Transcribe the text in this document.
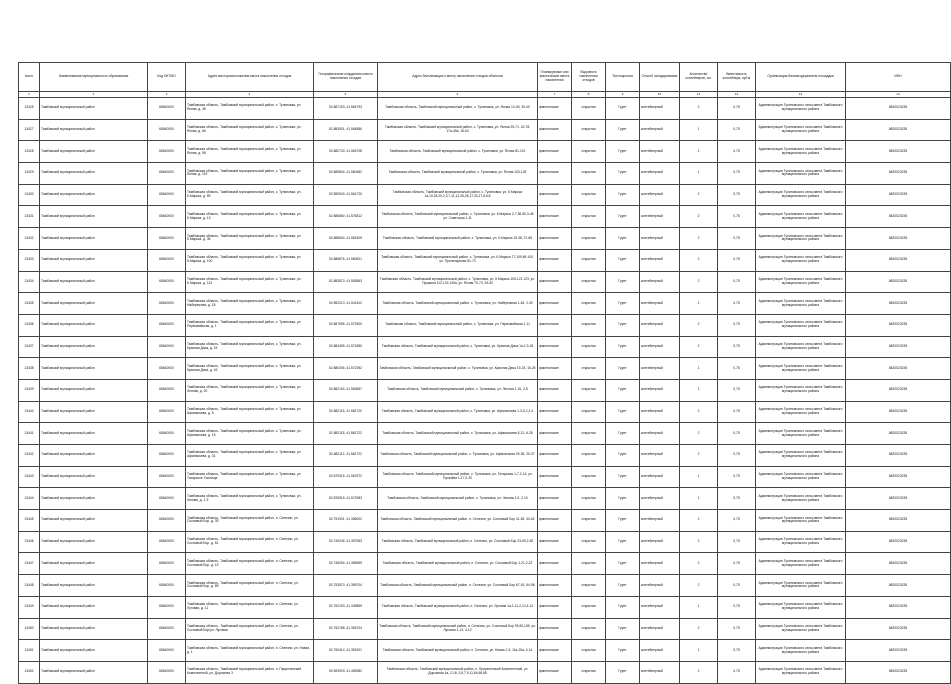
№п/п	Наименование муниципального образования	Код ОКТМО	Адрес месторасположения места накопления отходов	Географические координаты места накопления отходов	Адрес близлежащих к месту накопления отходов объектов	Планируемые или фактические места накопления	Вид места накопления отходов	Тип покрытия	Способ складирования	Количество контейнеров, шт.	Вместимость контейнера, куб.м	Организация-балансодержатель площадки	ИНН
1	2	3	4	5	6	7	8	9	10	11	12	13	14
13425	Тамбовский муниципальный район	68640000	Тамбовская область, Тамбовский муниципальный район, с. Тулиновка, ул. Ясная, д. 36	52.887103, 41.564793	Тамбовская область, Тамбовский муниципальный район, с. Тулиновка, ул. Ясная 13-49, 35-40	фактические	открытая	Грунт	контейнерный	2	0,75	Администрация Тулиновского сельсовета Тамбовского муниципального района	6820023235
13427	Тамбовский муниципальный район	68640000	Тамбовская область, Тамбовский муниципальный район, с. Тулиновка, ул. Ясная, д. 66	52.883901, 41.564886	Тамбовская область, Тамбовский муниципальный район, с. Тулиновка, ул. Ясная 39-71, 42-78, 17а-49а, 16-54	фактические	открытая	Грунт	контейнерный	1	0,75	Администрация Тулиновского сельсовета Тамбовского муниципального района	6820023235
13428	Тамбовский муниципальный район	68640000	Тамбовская область, Тамбовский муниципальный район, с. Тулиновка, ул. Ясная, д. 98	52.882743, 41.563708	Тамбовская область, Тамбовский муниципальный район, с. Тулиновка, ул. Ясная 81-101	фактические	открытая	Грунт	контейнерный	1	0,75	Администрация Тулиновского сельсовета Тамбовского муниципального района	6820023235
13429	Тамбовский муниципальный район	68640000	Тамбовская область, Тамбовский муниципальный район, с. Тулиновка, ул. Ясная, д. 119	52.885834, 41.560482	Тамбовская область, Тамбовский муниципальный район, с. Тулиновка, ул. Ясная 103-125	фактические	открытая	Грунт	контейнерный	1	0,75	Администрация Тулиновского сельсовета Тамбовского муниципального района	6820023235
13430	Тамбовский муниципальный район	68640000	Тамбовская область, Тамбовский муниципальный район, с. Тулиновка, ул. К.Маркса, д. 89	52.890940, 41.561720	Тамбовская область, Тамбовский муниципальный район, с. Тулиновка, ул. К.Маркса 1а,10,18,20,2,3,7-11,12,26,28,17,33,17,8,6,8	фактические	открытая	Грунт	контейнерный	2	0,75	Администрация Тулиновского сельсовета Тамбовского муниципального района	6820023235
13431	Тамбовский муниципальный район	68640000	Тамбовская область, Тамбовский муниципальный район, с. Тулиновка, ул. К.Маркса, д. 13	52.885680, 41.576812	Тамбовская область, Тамбовский муниципальный район, с. Тулиновка, ул. К.Маркса 2-7,36-50,3-45 ул. Советская 1-11	фактические	открытая	Грунт	контейнерный	2	0,75	Администрация Тулиновского сельсовета Тамбовского муниципального района	6820023235
13432	Тамбовский муниципальный район	68640000	Тамбовская область, Тамбовский муниципальный район, с. Тулиновка, ул. К.Маркса, д. 36	52.888604, 41.562409	Тамбовская область, Тамбовский муниципальный район, с. Тулиновка, ул. К.Маркса 19-38, 37-65	фактические	открытая	Грунт	контейнерный	2	0,75	Администрация Тулиновского сельсовета Тамбовского муниципального района	6820023235
13433	Тамбовский муниципальный район	68640000	Тамбовская область, Тамбовский муниципальный район, с. Тулиновка, ул. К.Маркса, д. 100	52.886876, 41.560821	Тамбовская область, Тамбовский муниципальный район, с. Тулиновка, ул. К.Маркса 77-109,69-100, ул. Пролетарская 51-73	фактические	открытая	Грунт	контейнерный	2	0,75	Администрация Тулиновского сельсовета Тамбовского муниципального района	6820023235
13434	Тамбовский муниципальный район	68640000	Тамбовская область, Тамбовский муниципальный район, с. Тулиновка, ул. К.Маркса, д. 113	52.883870, 41.563863	Тамбовская область, Тамбовский муниципальный район, с. Тулиновка, ул. К.Маркса 105-121,123, ул. Пушкина 112-132,130а, ул. Ясная 70-73, 94-60	фактические	открытая	Грунт	контейнерный	2	0,75	Администрация Тулиновского сельсовета Тамбовского муниципального района	6820023235
13435	Тамбовский муниципальный район	68640000	Тамбовская область, Тамбовский муниципальный район, с. Тулиновка, ул. Набережная, д. 18	52.892213, 41.541402	Тамбовская область, Тамбовский муниципальный район, с. Тулиновка, ул. Набережная 1-63, 2-30	фактические	открытая	Грунт	контейнерный	1	0,75	Администрация Тулиновского сельсовета Тамбовского муниципального района	6820023235
13436	Тамбовский муниципальный район	68640000	Тамбовская область, Тамбовский муниципальный район, с. Тулиновка, ул. Первомайская, д. 1	52.887696, 41.572500	Тамбовская область, Тамбовский муниципальный район, с. Тулиновка, ул. Первомайская 1-11	фактические	открытая	Грунт	контейнерный	2	0,75	Администрация Тулиновского сельсовета Тамбовского муниципального района	6820023235
13437	Тамбовский муниципальный район	68640000	Тамбовская область, Тамбовский муниципальный район, с. Тулиновка, ул. Красная Дача, д. 15	52.884305, 41.571880	Тамбовская область, Тамбовский муниципальный район, с. Тулиновка, ул. Красная Дача 1а,2-3-18	фактические	открытая	Грунт	контейнерный	2	0,75	Администрация Тулиновского сельсовета Тамбовского муниципального района	6820023235
13438	Тамбовский муниципальный район	68640000	Тамбовская область, Тамбовский муниципальный район, с. Тулиновка, ул. Красная Дача, д. 16	52.880306, 41.572392	Тамбовская область, Тамбовский муниципальный район, с. Тулиновка, ул. Красная Дача 19-23, 15-25	фактические	открытая	Грунт	контейнерный	1	0,75	Администрация Тулиновского сельсовета Тамбовского муниципального района	6820023235
13439	Тамбовский муниципальный район	68640000	Тамбовская область, Тамбовский муниципальный район, с. Тулиновка, ул. Лесная, д. 20	52.882104, 41.563687	Тамбовская область, Тамбовский муниципальный район, с. Тулиновка, ул. Лесная 1-15, 2-8	фактические	открытая	Грунт	контейнерный	1	0,75	Администрация Тулиновского сельсовета Тамбовского муниципального района	6820023235
13440	Тамбовский муниципальный район	68640000	Тамбовская область, Тамбовский муниципальный район, с. Тулиновка, ул. Афанасьева, д. 5	52.882115, 41.562720	Тамбовская область, Тамбовский муниципальный район, с. Тулиновка, ул. Афанасьева 1-3-5,2,2-4	фактические	открытая	Грунт	контейнерный	2	0,75	Администрация Тулиновского сельсовета Тамбовского муниципального района	6820023235
13441	Тамбовский муниципальный район	68640000	Тамбовская область, Тамбовский муниципальный район, с. Тулиновка, ул. Афанасьева, д. 15	52.882115, 41.562722	Тамбовская область, Тамбовский муниципальный район, с. Тулиновка, ул. Афанасьева 5-21, 6-28	фактические	открытая	Грунт	контейнерный	2	0,75	Администрация Тулиновского сельсовета Тамбовского муниципального района	6820023235
13442	Тамбовский муниципальный район	68640000	Тамбовская область, Тамбовский муниципальный район, с. Тулиновка, ул. Афанасьева, д. 31	52.882112, 41.562722	Тамбовская область, Тамбовский муниципальный район, с. Тулиновка, ул. Афанасьева 29-35, 29-37	фактические	открытая	Грунт	контейнерный	2	0,75	Администрация Тулиновского сельсовета Тамбовского муниципального района	6820023235
13443	Тамбовский муниципальный район	68640000	Тамбовская область, Тамбовский муниципальный район, с. Тулиновка, ул. Татарское Училище	52.879315, 41.567872	Тамбовская область, Тамбовский муниципальный район, с. Тулиновка, ул. Татарская 1-7,2-14, ул. Пугачёва 1-17,2-20	фактические	открытая	Грунт	контейнерный	1	0,75	Администрация Тулиновского сельсовета Тамбовского муниципального района	6820023235
13444	Тамбовский муниципальный район	68640000	Тамбовская область, Тамбовский муниципальный район, с. Тулиновка, ул. Чехова, д. 1-3	52.876915, 41.572983	Тамбовская область, Тамбовский муниципальный район, с. Тулиновка, ул. Чехова 1-9, 2-10	фактические	открытая	Грунт	контейнерный	1	0,75	Администрация Тулиновского сельсовета Тамбовского муниципального района	6820023235
13445	Тамбовский муниципальный район	68640000	Тамбовская область, Тамбовский муниципальный район, п. Селезни, ул. Сосновый Бор, д. 39	52.751931, 41.356002	Тамбовская область, Тамбовский муниципальный район, п. Селезни, ул. Сосновый Бор 41-63, 40-62	фактические	открытая	Грунт	контейнерный	2	0,75	Администрация Тулиновского сельсовета Тамбовского муниципального района	6820023235
13446	Тамбовский муниципальный район	68640000	Тамбовская область, Тамбовский муниципальный район, п. Селезни, ул. Сосновый Бор, д. 61	52.749246, 41.357963	Тамбовская область, Тамбовский муниципальный район, п. Селезни, ул. Сосновый Бор 23-69,2-50	фактические	открытая	Грунт	контейнерный	2	0,75	Администрация Тулиновского сельсовета Тамбовского муниципального района	6820023235
13447	Тамбовский муниципальный район	68640000	Тамбовская область, Тамбовский муниципальный район, п. Селезни, ул. Сосновый Бор, д. 15	52.748294, 41.355969	Тамбовская область, Тамбовский муниципальный район, п. Селезни, ул. Сосновый Бор 1-21,2-22	фактические	открытая	Грунт	контейнерный	2	0,75	Администрация Тулиновского сельсовета Тамбовского муниципального района	6820023235
13448	Тамбовский муниципальный район	68640000	Тамбовская область, Тамбовский муниципальный район, п. Селезни, ул. Сосновый Бор, д. 89	52.753570, 41.355704	Тамбовская область, Тамбовский муниципальный район, п. Селезни, ул. Сосновый Бор 67-91, 64-96	фактические	открытая	Грунт	контейнерный	2	0,75	Администрация Тулиновского сельсовета Тамбовского муниципального района	6820023235
13449	Тамбовский муниципальный район	68640000	Тамбовская область, Тамбовский муниципальный район, п. Селезни, ул. Луговая, д. 11	52.752193, 41.349859	Тамбовская область, Тамбовский муниципальный район, п. Селезни, ул. Луговая 1а,1-11,2-12,4-12	фактические	открытая	Грунт	контейнерный	1	0,75	Администрация Тулиновского сельсовета Тамбовского муниципального района	6820023235
13450	Тамбовский муниципальный район	68640000	Тамбовская область, Тамбовский муниципальный район, п. Селезни, ул. Сосновый Бор/ул. Луговая	52.752198, 41.353704	Тамбовская область, Тамбовский муниципальный район, п. Селезни, ул. Сосновый Бор 93,95,105, ул. Луговая 1-13, 4-12	фактические	открытая	Грунт	контейнерный	2	0,75	Администрация Тулиновского сельсовета Тамбовского муниципального района	6820023235
13451	Тамбовский муниципальный район	68640000	Тамбовская область, Тамбовский муниципальный район, п. Селезни, ул. Новая, д. 1	52.750414, 41.351901	Тамбовская область, Тамбовский муниципальный район, п. Селезни, ул. Новая 1-5, 11а-15а, 4-14	фактические	открытая	Грунт	контейнерный	1	0,75	Администрация Тулиновского сельсовета Тамбовского муниципального района	6820023235
13452	Тамбовский муниципальный район	68640000	Тамбовская область, Тамбовский муниципальный район, п. Приреченский Комплектный, ул. Дорожная 3	52.693903, 41.483982	Тамбовская область, Тамбовский муниципальный район, п. Приреченский Комплектный, ул. Дорожная 1а, 2-16, 3,5,7,9,11,64,66,68	фактические	открытая	Грунт	контейнерный	2	0,75	Администрация Тулиновского сельсовета Тамбовского муниципального района	6820023235
